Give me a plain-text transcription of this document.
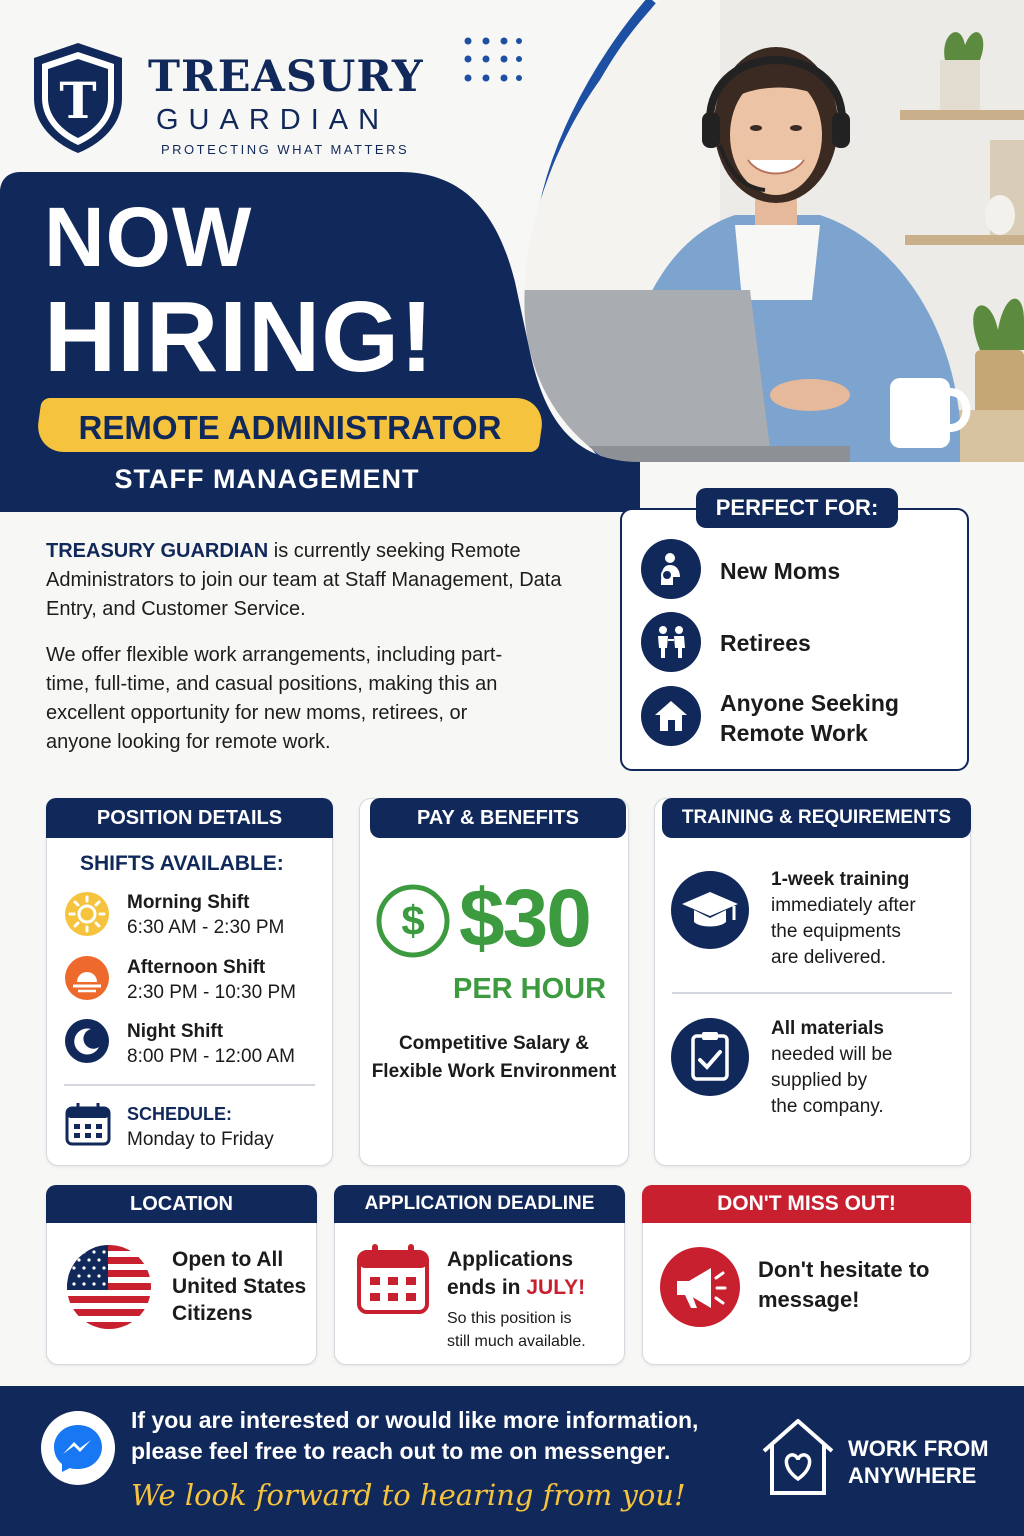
T TREASURY
GUARDIAN
PROTECTING WHAT MATTERS
NOW
HIRING!
REMOTE ADMINISTRATOR
STAFF MANAGEMENT
TREASURY GUARDIAN is currently seeking Remote Administrators to join our team at Staff Management, Data Entry, and Customer Service.
We offer flexible work arrangements, including part-time, full-time, and casual positions, making this an excellent opportunity for new moms, retirees, or anyone looking for remote work.
PERFECT FOR:
New Moms
Retirees
Anyone Seeking
Remote Work
POSITION DETAILS
SHIFTS AVAILABLE:
Morning Shift
6:30 AM - 2:30 PM
Afternoon Shift
2:30 PM - 10:30 PM
Night Shift
8:00 PM - 12:00 AM
SCHEDULE:
Monday to Friday
PAY & BENEFITS
$ $30
PER HOUR
Competitive Salary &
Flexible Work Environment
TRAINING & REQUIREMENTS
1-week training
immediately after
the equipments
are delivered.
All materials
needed will be
supplied by
the company.
LOCATION
Open to All
United States
Citizens
APPLICATION DEADLINE
Applications
ends in JULY!
So this position is
still much available.
DON'T MISS OUT!
Don't hesitate to
message!
If you are interested or would like more information,
please feel free to reach out to me on messenger.
We look forward to hearing from you!
WORK FROM
ANYWHERE
